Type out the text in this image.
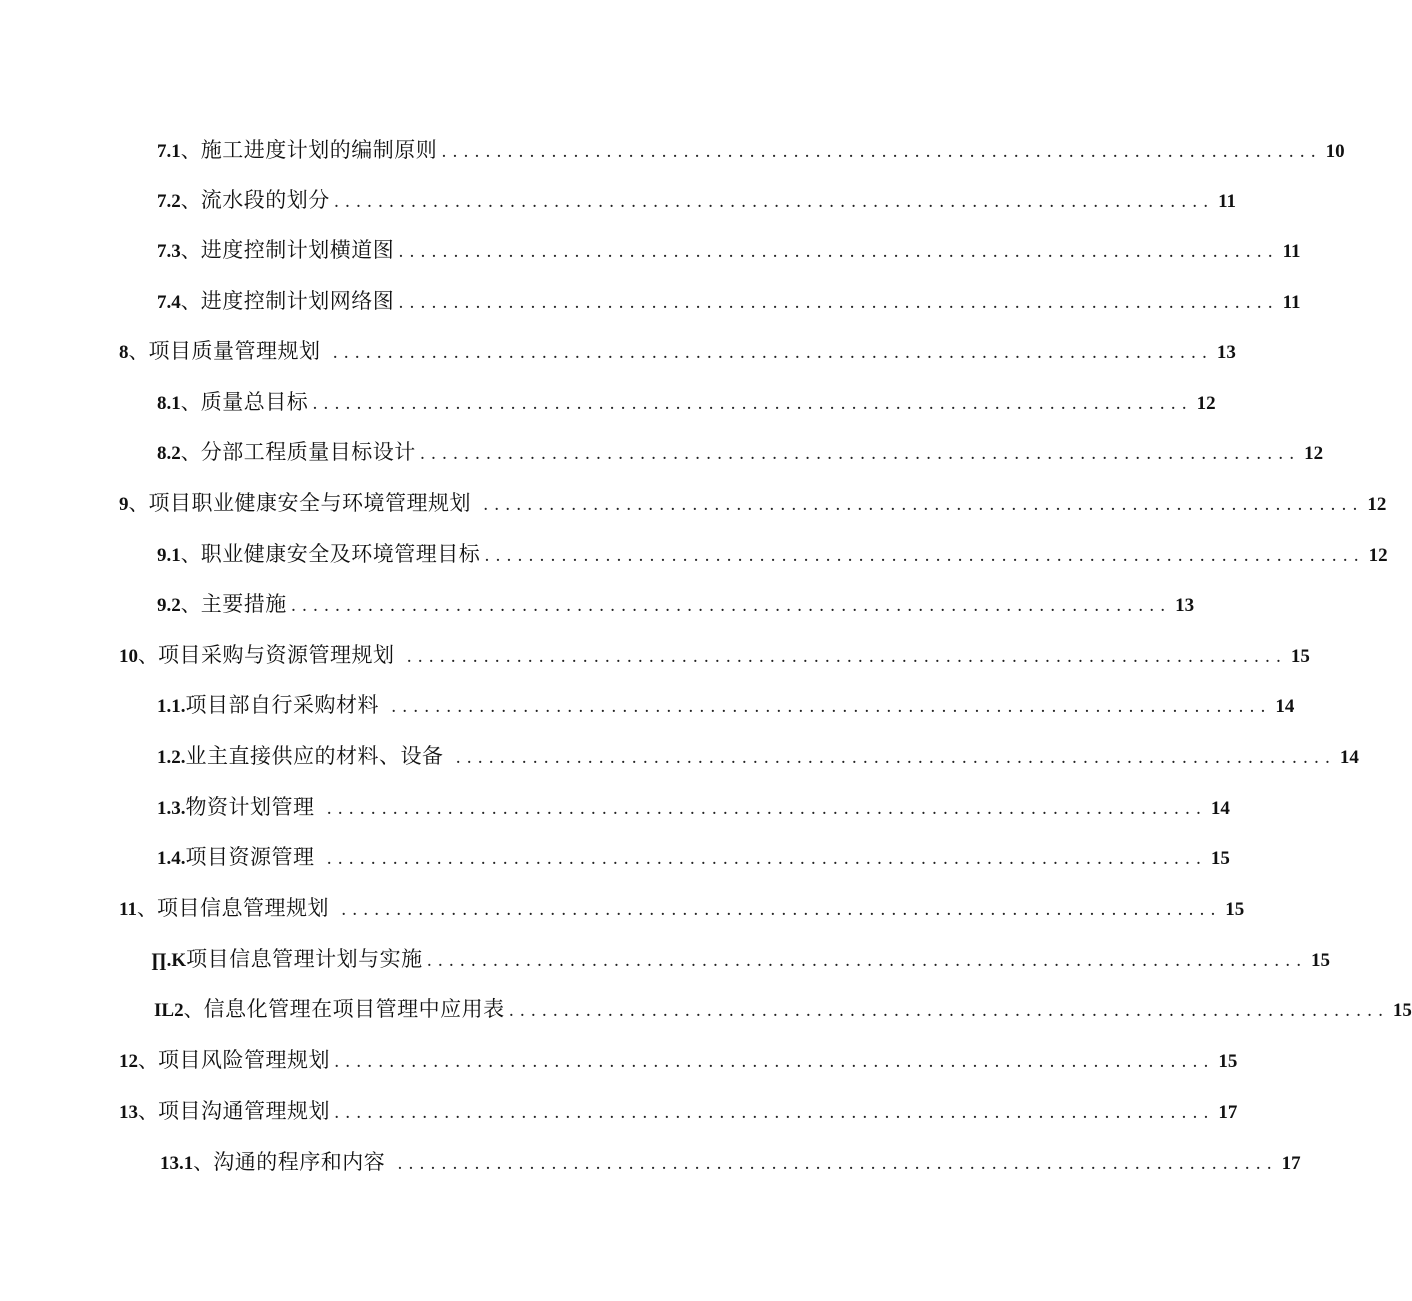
7.1 、 施工进度计划的编制原则 ................................................................................ 10
7.2 、 流水段的划分 ................................................................................ 11
7.3 、 进度控制计划横道图 ................................................................................ 11
7.4 、 进度控制计划网络图 ................................................................................ 11
8 、 项目质量管理规划 ................................................................................ 13
8.1 、 质量总目标 ................................................................................ 12
8.2 、 分部工程质量目标设计 ................................................................................ 12
9 、 项目职业健康安全与环境管理规划 ................................................................................ 12
9.1 、 职业健康安全及环境管理目标 ................................................................................ 12
9.2 、 主要措施 ................................................................................ 13
10 、 项目采购与资源管理规划 ................................................................................ 15
1.1. 项目部自行采购材料 ................................................................................ 14
1.2. 业主直接供应的材料、设备 ................................................................................ 14
1.3. 物资计划管理 ................................................................................ 14
1.4. 项目资源管理 ................................................................................ 15
11 、 项目信息管理规划 ................................................................................ 15
∏.K 项目信息管理计划与实施 ................................................................................ 15
IL2 、 信息化管理在项目管理中应用表 ................................................................................ 15
12 、 项目风险管理规划 ................................................................................ 15
13 、 项目沟通管理规划 ................................................................................ 17
13.1 、 沟通的程序和内容 ................................................................................ 17
